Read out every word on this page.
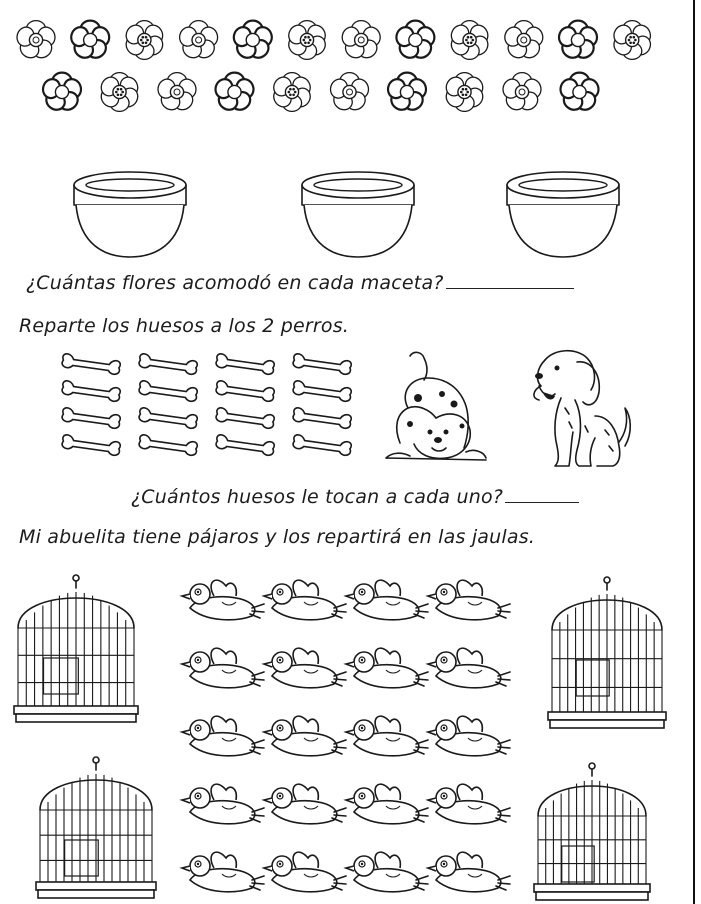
¿Cuántas flores acomodó en cada maceta?
Reparte los huesos a los 2 perros.
¿Cuántos huesos le tocan a cada uno?
Mi abuelita tiene pájaros y los repartirá en las jaulas.
